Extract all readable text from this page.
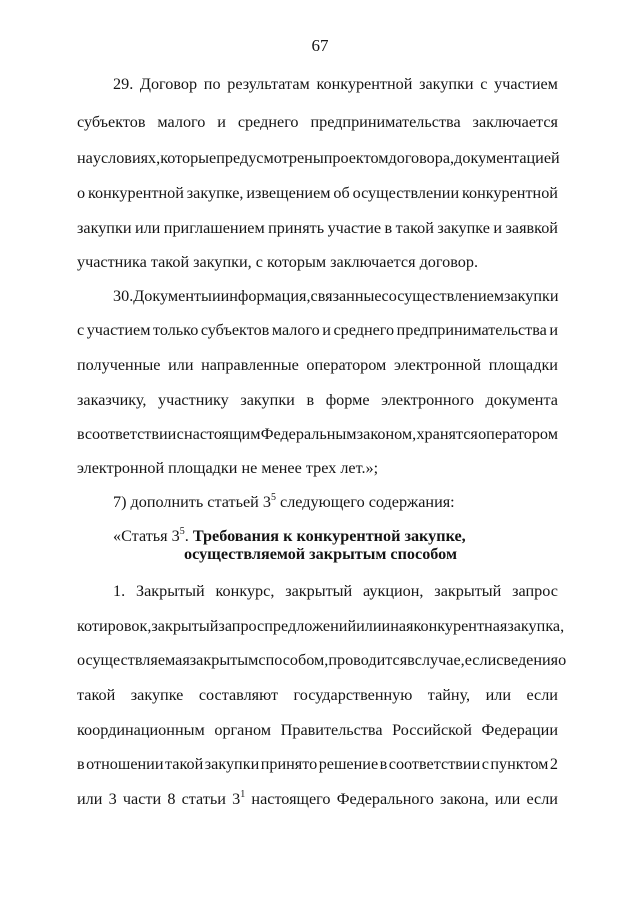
67
29. Договор по результатам конкурентной закупки с участием
субъектов малого и среднего предпринимательства заключается
на условиях, которые предусмотрены проектом договора, документацией
о конкурентной закупке, извещением об осуществлении конкурентной
закупки или приглашением принять участие в такой закупке и заявкой
участника такой закупки, с которым заключается договор.
30. Документы и информация, связанные с осуществлением закупки
с участием только субъектов малого и среднего предпринимательства и
полученные или направленные оператором электронной площадки
заказчику, участнику закупки в форме электронного документа
в соответствии с настоящим Федеральным законом, хранятся оператором
электронной площадки не менее трех лет.»;
7) дополнить статьей $3^5$ следующего содержания:
«Статья $3^5$. Требования к конкурентной закупке,
осуществляемой закрытым способом
1. Закрытый конкурс, закрытый аукцион, закрытый запрос
котировок, закрытый запрос предложений или иная конкурентная закупка,
осуществляемая закрытым способом, проводится в случае, если сведения о
такой закупке составляют государственную тайну, или если
координационным органом Правительства Российской Федерации
в отношении такой закупки принято решение в соответствии с пунктом 2
или 3 части 8 статьи $3^1$ настоящего Федерального закона, или если
